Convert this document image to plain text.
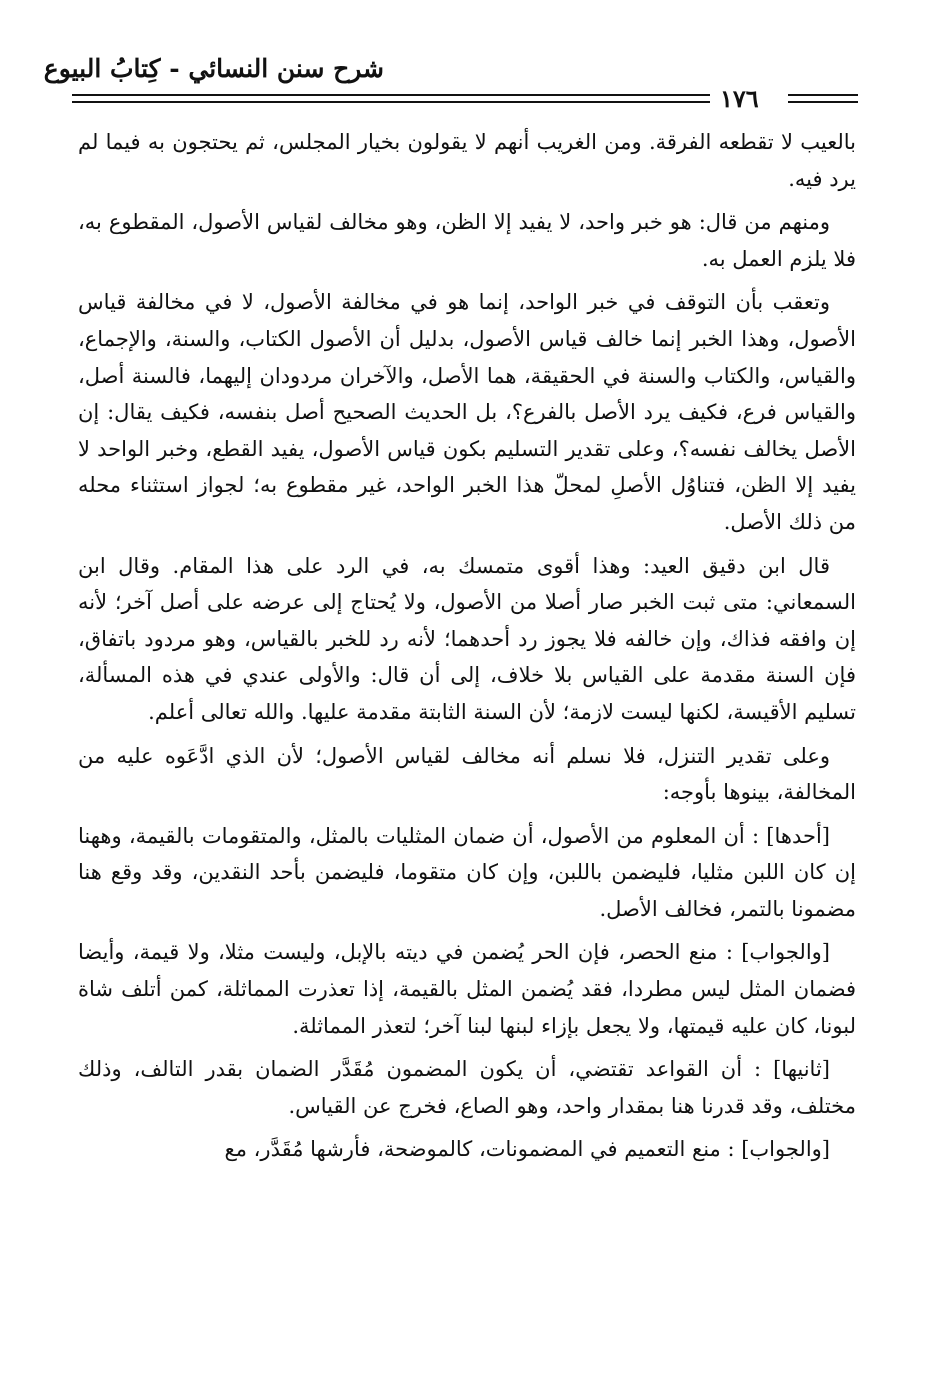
شرح سنن النسائي - كِتابُ البيوع
١٧٦

بالعيب لا تقطعه الفرقة. ومن الغريب أنهم لا يقولون بخيار المجلس، ثم يحتجون به فيما لم يرد فيه.

ومنهم من قال: هو خبر واحد، لا يفيد إلا الظن، وهو مخالف لقياس الأصول، المقطوع به، فلا يلزم العمل به.

وتعقب بأن التوقف في خبر الواحد، إنما هو في مخالفة الأصول، لا في مخالفة قياس الأصول، وهذا الخبر إنما خالف قياس الأصول، بدليل أن الأصول الكتاب، والسنة، والإجماع، والقياس، والكتاب والسنة في الحقيقة، هما الأصل، والآخران مردودان إليهما، فالسنة أصل، والقياس فرع، فكيف يرد الأصل بالفرع؟، بل الحديث الصحيح أصل بنفسه، فكيف يقال: إن الأصل يخالف نفسه؟، وعلى تقدير التسليم بكون قياس الأصول، يفيد القطع، وخبر الواحد لا يفيد إلا الظن، فتناوُل الأصلِ لمحلّ هذا الخبر الواحد، غير مقطوع به؛ لجواز استثناء محله من ذلك الأصل.

قال ابن دقيق العيد: وهذا أقوى متمسك به، في الرد على هذا المقام. وقال ابن السمعاني: متى ثبت الخبر صار أصلا من الأصول، ولا يُحتاج إلى عرضه على أصل آخر؛ لأنه إن وافقه فذاك، وإن خالفه فلا يجوز رد أحدهما؛ لأنه رد للخبر بالقياس، وهو مردود باتفاق، فإن السنة مقدمة على القياس بلا خلاف، إلى أن قال: والأولى عندي في هذه المسألة، تسليم الأقيسة، لكنها ليست لازمة؛ لأن السنة الثابتة مقدمة عليها. والله تعالى أعلم.

وعلى تقدير التنزل، فلا نسلم أنه مخالف لقياس الأصول؛ لأن الذي ادَّعَوه عليه من المخالفة، بينوها بأوجه:

[أحدها] : أن المعلوم من الأصول، أن ضمان المثليات بالمثل، والمتقومات بالقيمة، وههنا إن كان اللبن مثليا، فليضمن باللبن، وإن كان متقوما، فليضمن بأحد النقدين، وقد وقع هنا مضمونا بالتمر، فخالف الأصل.

[والجواب] : منع الحصر، فإن الحر يُضمن في ديته بالإبل، وليست مثلا، ولا قيمة، وأيضا فضمان المثل ليس مطردا، فقد يُضمن المثل بالقيمة، إذا تعذرت المماثلة، كمن أتلف شاة لبونا، كان عليه قيمتها، ولا يجعل بإزاء لبنها لبنا آخر؛ لتعذر المماثلة.

[ثانيها] : أن القواعد تقتضي، أن يكون المضمون مُقَدَّر الضمان بقدر التالف، وذلك مختلف، وقد قدرنا هنا بمقدار واحد، وهو الصاع، فخرج عن القياس.

[والجواب] : منع التعميم في المضمونات، كالموضحة، فأرشها مُقَدَّر، مع
